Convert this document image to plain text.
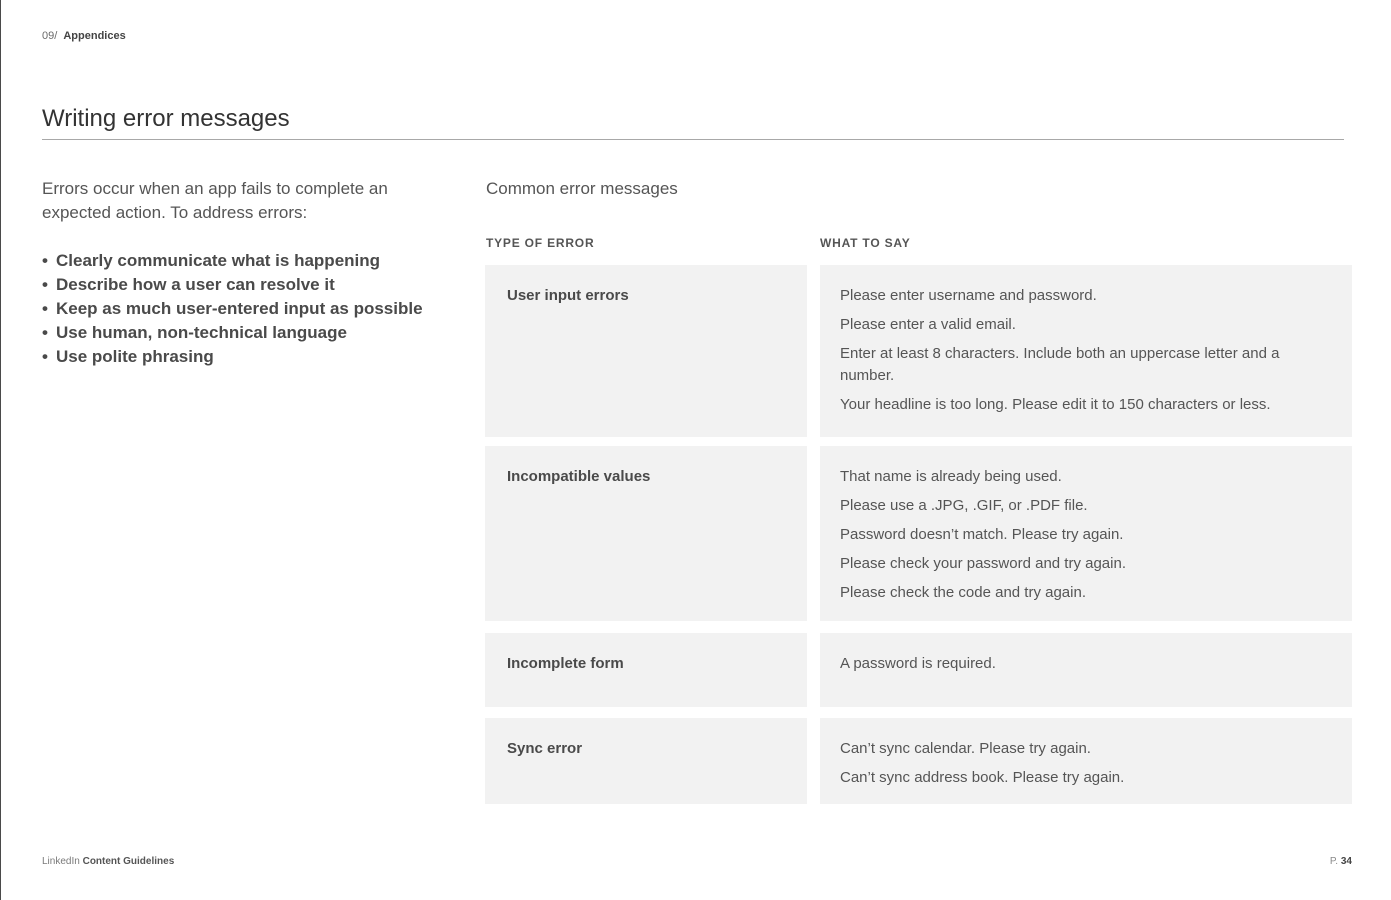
09/ Appendices
Writing error messages
Errors occur when an app fails to complete an expected action. To address errors:
• Clearly communicate what is happening
• Describe how a user can resolve it
• Keep as much user-entered input as possible
• Use human, non-technical language
• Use polite phrasing
Common error messages
TYPE OF ERROR	WHAT TO SAY
User input errors	Please enter username and password.

Please enter a valid email.

Enter at least 8 characters. Include both an uppercase letter and a number.

Your headline is too long. Please edit it to 150 characters or less.

Incompatible values	That name is already being used.

Please use a .JPG, .GIF, or .PDF file.

Password doesn’t match. Please try again.

Please check your password and try again.

Please check the code and try again.

Incomplete form	A password is required.

Sync error	Can’t sync calendar. Please try again.

Can’t sync address book. Please try again.

LinkedIn Content Guidelines	P. 34
